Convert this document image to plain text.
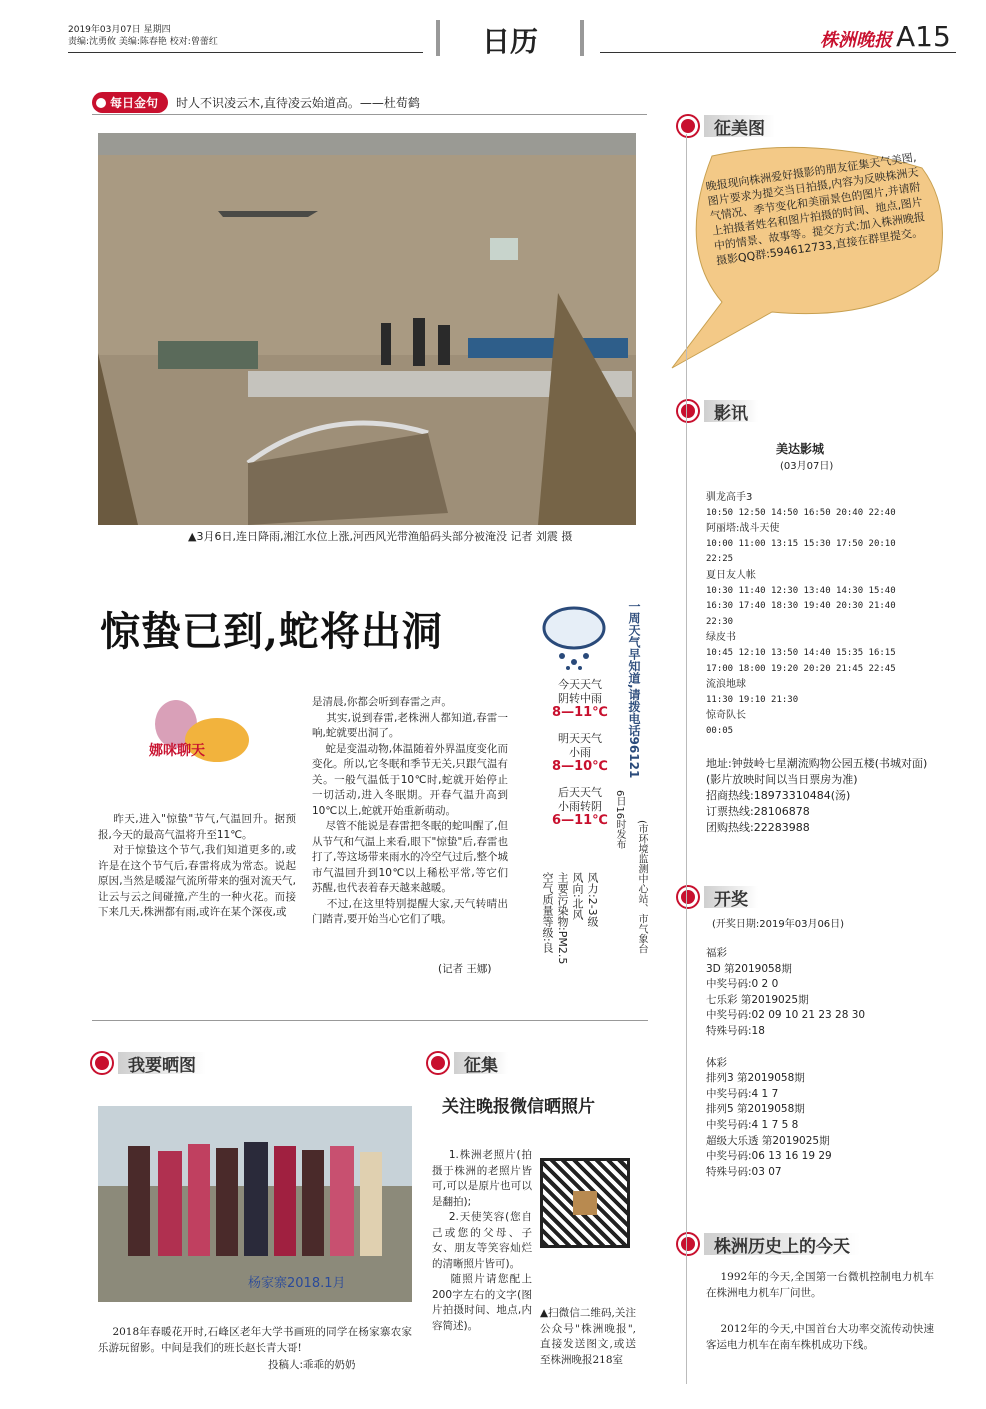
2019年03月07日 星期四
责编:沈勇攸 美编:陈春艳 校对:曾蕾红	日历	株洲晚报 A15
每日金句 时人不识凌云木,直待凌云始道高。——杜荀鹤
▲3月6日,连日降雨,湘江水位上涨,河西风光带渔船码头部分被淹没 记者 刘震 摄
惊蛰已到,蛇将出洞
娜咪聊天
昨天,进入"惊蛰"节气,气温回升。据预报,今天的最高气温将升至11℃。
对于惊蛰这个节气,我们知道更多的,或许是在这个节气后,春雷将成为常态。说起原因,当然是暖湿气流所带来的强对流天气,让云与云之间碰撞,产生的一种火花。而接下来几天,株洲都有雨,或许在某个深夜,或
是清晨,你都会听到春雷之声。
其实,说到春雷,老株洲人都知道,春雷一响,蛇就要出洞了。
蛇是变温动物,体温随着外界温度变化而变化。所以,它冬眠和季节无关,只跟气温有关。一般气温低于10℃时,蛇就开始停止一切活动,进入冬眠期。开春气温升高到10℃以上,蛇就开始重新萌动。
尽管不能说是春雷把冬眠的蛇叫醒了,但从节气和气温上来看,眼下"惊蛰"后,春雷也打了,等这场带来雨水的冷空气过后,整个城市气温回升到10℃以上稀松平常,等它们苏醒,也代表着春天越来越暖。
不过,在这里特别提醒大家,天气转晴出门踏青,要开始当心它们了哦。
(记者 王娜)
今天天气
阴转中雨
8—11℃
明天天气
小雨
8—10℃
后天天气
小雨转阴
6—11℃
风力:2-3级
风向:北风
主要污染物:PM2.5
空气质量等级:良
一周天气早知道,请拨电话96121
6日16时发布
(市环境监测中心站、市气象台
我要晒图
杨家寨2018.1月
2018年春暖花开时,石峰区老年大学书画班的同学在杨家寨农家乐游玩留影。中间是我们的班长赵长青大哥!
投稿人:乖乖的奶奶
征集
关注晚报微信晒照片
1.株洲老照片(拍摄于株洲的老照片皆可,可以是原片也可以是翻拍);
2.天使笑容(您自己或您的父母、子女、朋友等笑容灿烂的清晰照片皆可)。
随照片请您配上200字左右的文字(图片拍摄时间、地点,内容简述)。
▲扫微信二维码,关注公众号"株洲晚报",直接发送图文,或送至株洲晚报218室
征美图
晚报现向株洲爱好摄影的朋友征集天气美图,图片要求为提交当日拍摄,内容为反映株洲天气情况、季节变化和美丽景色的图片,并请附上拍摄者姓名和图片拍摄的时间、地点,图片中的情景、故事等。提交方式:加入株洲晚报摄影QQ群:594612733,直接在群里提交。
影讯
美达影城
(03月07日)
驯龙高手3
10:50 12:50 14:50 16:50 20:40 22:40
阿丽塔:战斗天使
10:00 11:00 13:15 15:30 17:50 20:10 22:25
夏日友人帐
10:30 11:40 12:30 13:40 14:30 15:40 16:30 17:40 18:30 19:40 20:30 21:40 22:30
绿皮书
10:45 12:10 13:50 14:40 15:35 16:15 17:00 18:00 19:20 20:20 21:45 22:45
流浪地球
11:30 19:10 21:30
惊奇队长
00:05
地址:钟鼓岭七星潮流购物公园五楼(书城对面)
(影片放映时间以当日票房为准)
招商热线:18973310484(汤)
订票热线:28106878
团购热线:22283988
开奖
(开奖日期:2019年03月06日)
福彩
3D 第2019058期
中奖号码:0 2 0
七乐彩 第2019025期
中奖号码:02 09 10 21 23 28 30
特殊号码:18
体彩
排列3 第2019058期
中奖号码:4 1 7
排列5 第2019058期
中奖号码:4 1 7 5 8
超级大乐透 第2019025期
中奖号码:06 13 16 19 29
特殊号码:03 07
株洲历史上的今天
1992年的今天,全国第一台微机控制电力机车在株洲电力机车厂问世。
2012年的今天,中国首台大功率交流传动快速客运电力机车在南车株机成功下线。
